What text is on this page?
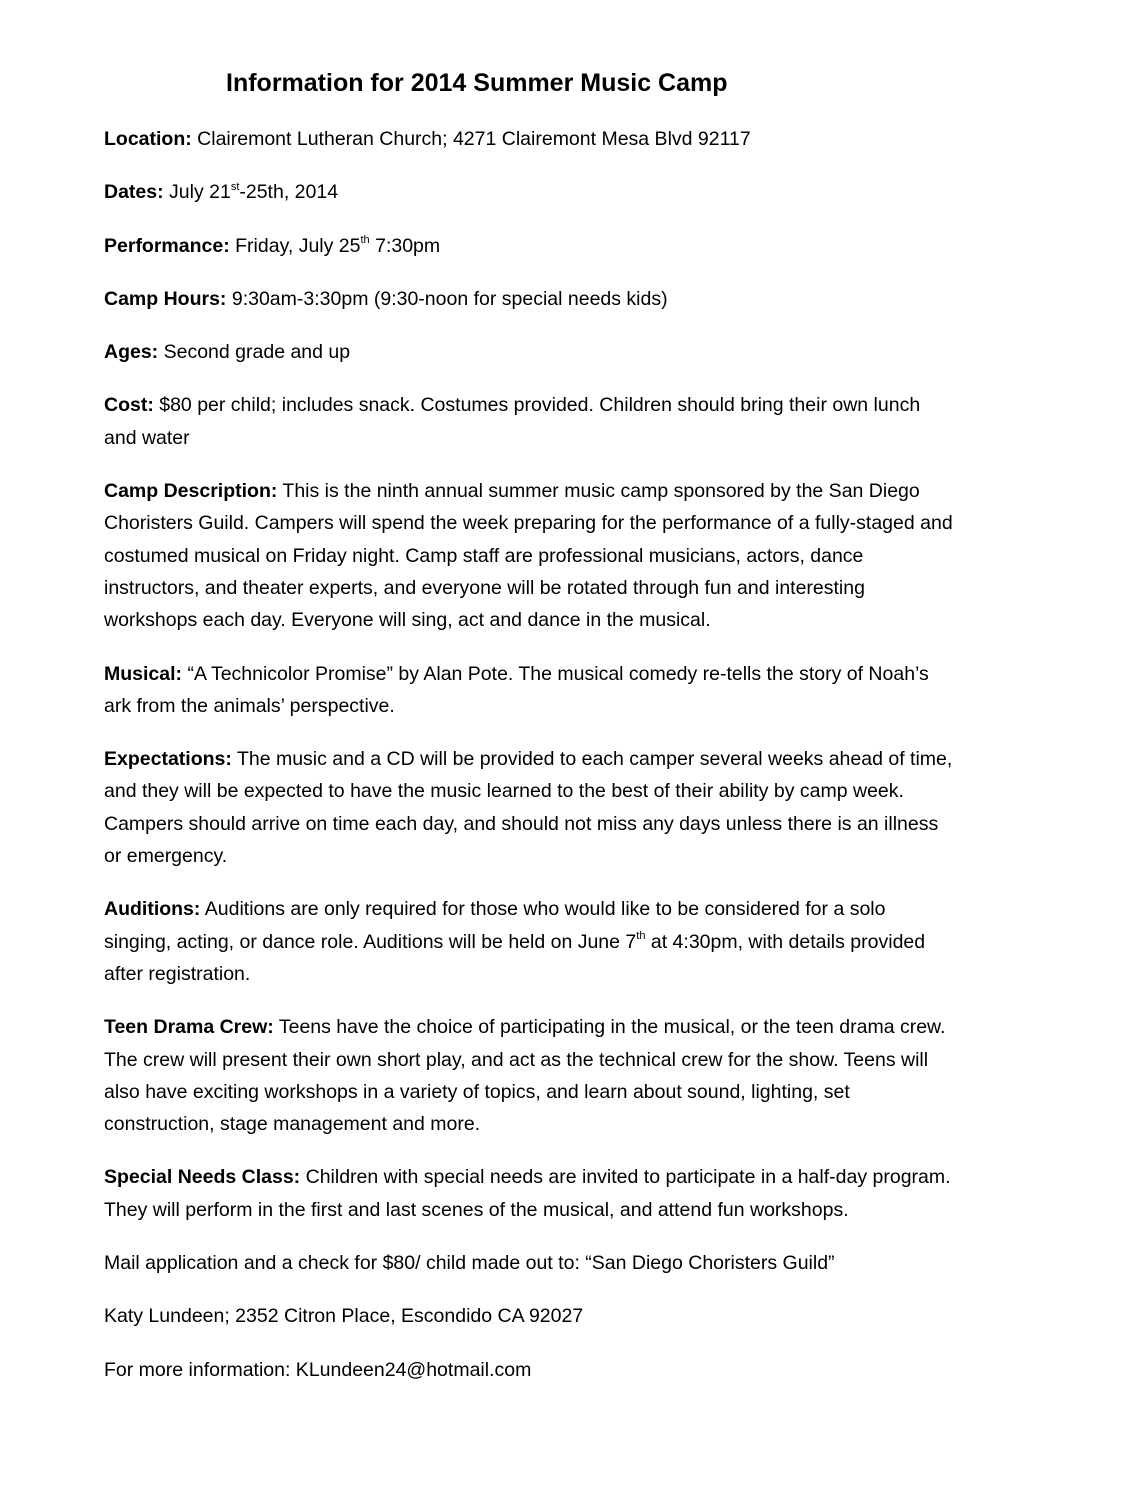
Information for 2014 Summer Music Camp

Location: Clairemont Lutheran Church; 4271 Clairemont Mesa Blvd 92117

Dates: July 21st-25th, 2014

Performance: Friday, July 25th 7:30pm

Camp Hours: 9:30am-3:30pm (9:30-noon for special needs kids)

Ages: Second grade and up

Cost: $80 per child; includes snack. Costumes provided. Children should bring their own lunch and water

Camp Description: This is the ninth annual summer music camp sponsored by the San Diego Choristers Guild. Campers will spend the week preparing for the performance of a fully-staged and costumed musical on Friday night. Camp staff are professional musicians, actors, dance instructors, and theater experts, and everyone will be rotated through fun and interesting workshops each day. Everyone will sing, act and dance in the musical.

Musical: “A Technicolor Promise” by Alan Pote. The musical comedy re-tells the story of Noah’s ark from the animals’ perspective.

Expectations: The music and a CD will be provided to each camper several weeks ahead of time, and they will be expected to have the music learned to the best of their ability by camp week. Campers should arrive on time each day, and should not miss any days unless there is an illness or emergency.

Auditions: Auditions are only required for those who would like to be considered for a solo singing, acting, or dance role. Auditions will be held on June 7th at 4:30pm, with details provided after registration.

Teen Drama Crew: Teens have the choice of participating in the musical, or the teen drama crew. The crew will present their own short play, and act as the technical crew for the show. Teens will also have exciting workshops in a variety of topics, and learn about sound, lighting, set construction, stage management and more.

Special Needs Class: Children with special needs are invited to participate in a half-day program. They will perform in the first and last scenes of the musical, and attend fun workshops.

Mail application and a check for $80/ child made out to: “San Diego Choristers Guild”

Katy Lundeen; 2352 Citron Place, Escondido CA 92027

For more information: KLundeen24@hotmail.com
